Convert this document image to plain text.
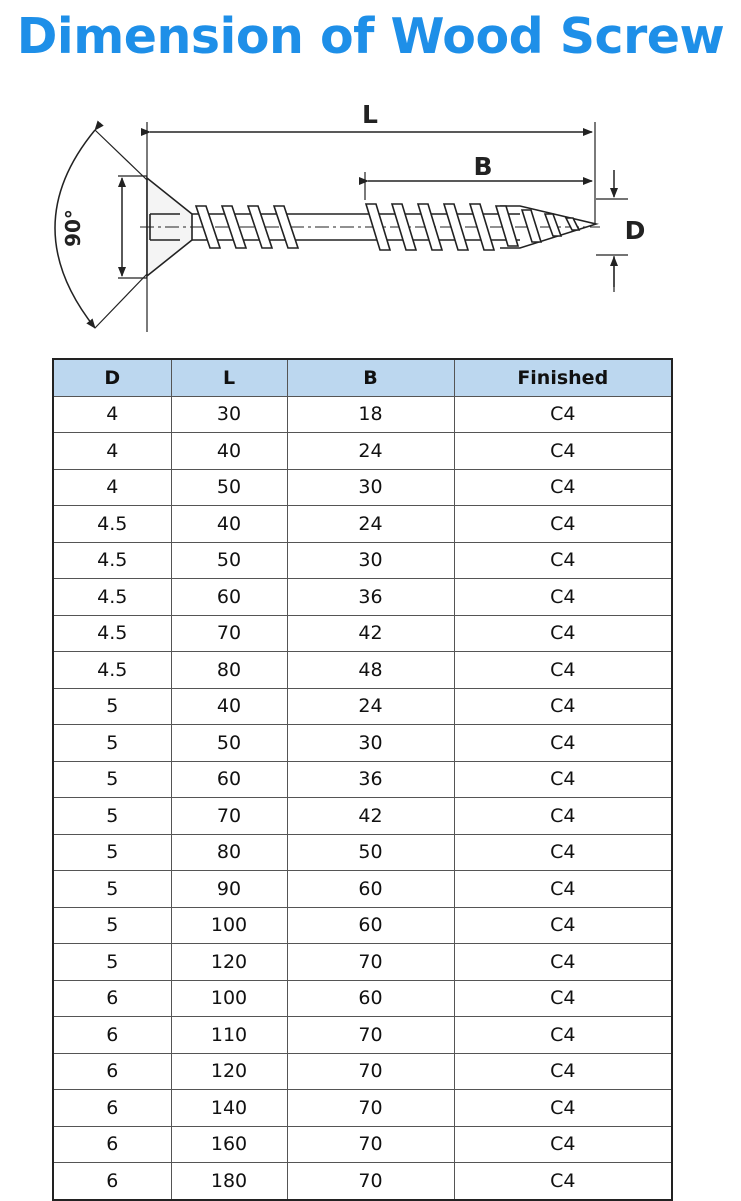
Dimension of Wood Screw
L
B
D
90°
D	L	B	Finished
4	30	18	C4
4	40	24	C4
4	50	30	C4
4.5	40	24	C4
4.5	50	30	C4
4.5	60	36	C4
4.5	70	42	C4
4.5	80	48	C4
5	40	24	C4
5	50	30	C4
5	60	36	C4
5	70	42	C4
5	80	50	C4
5	90	60	C4
5	100	60	C4
5	120	70	C4
6	100	60	C4
6	110	70	C4
6	120	70	C4
6	140	70	C4
6	160	70	C4
6	180	70	C4
